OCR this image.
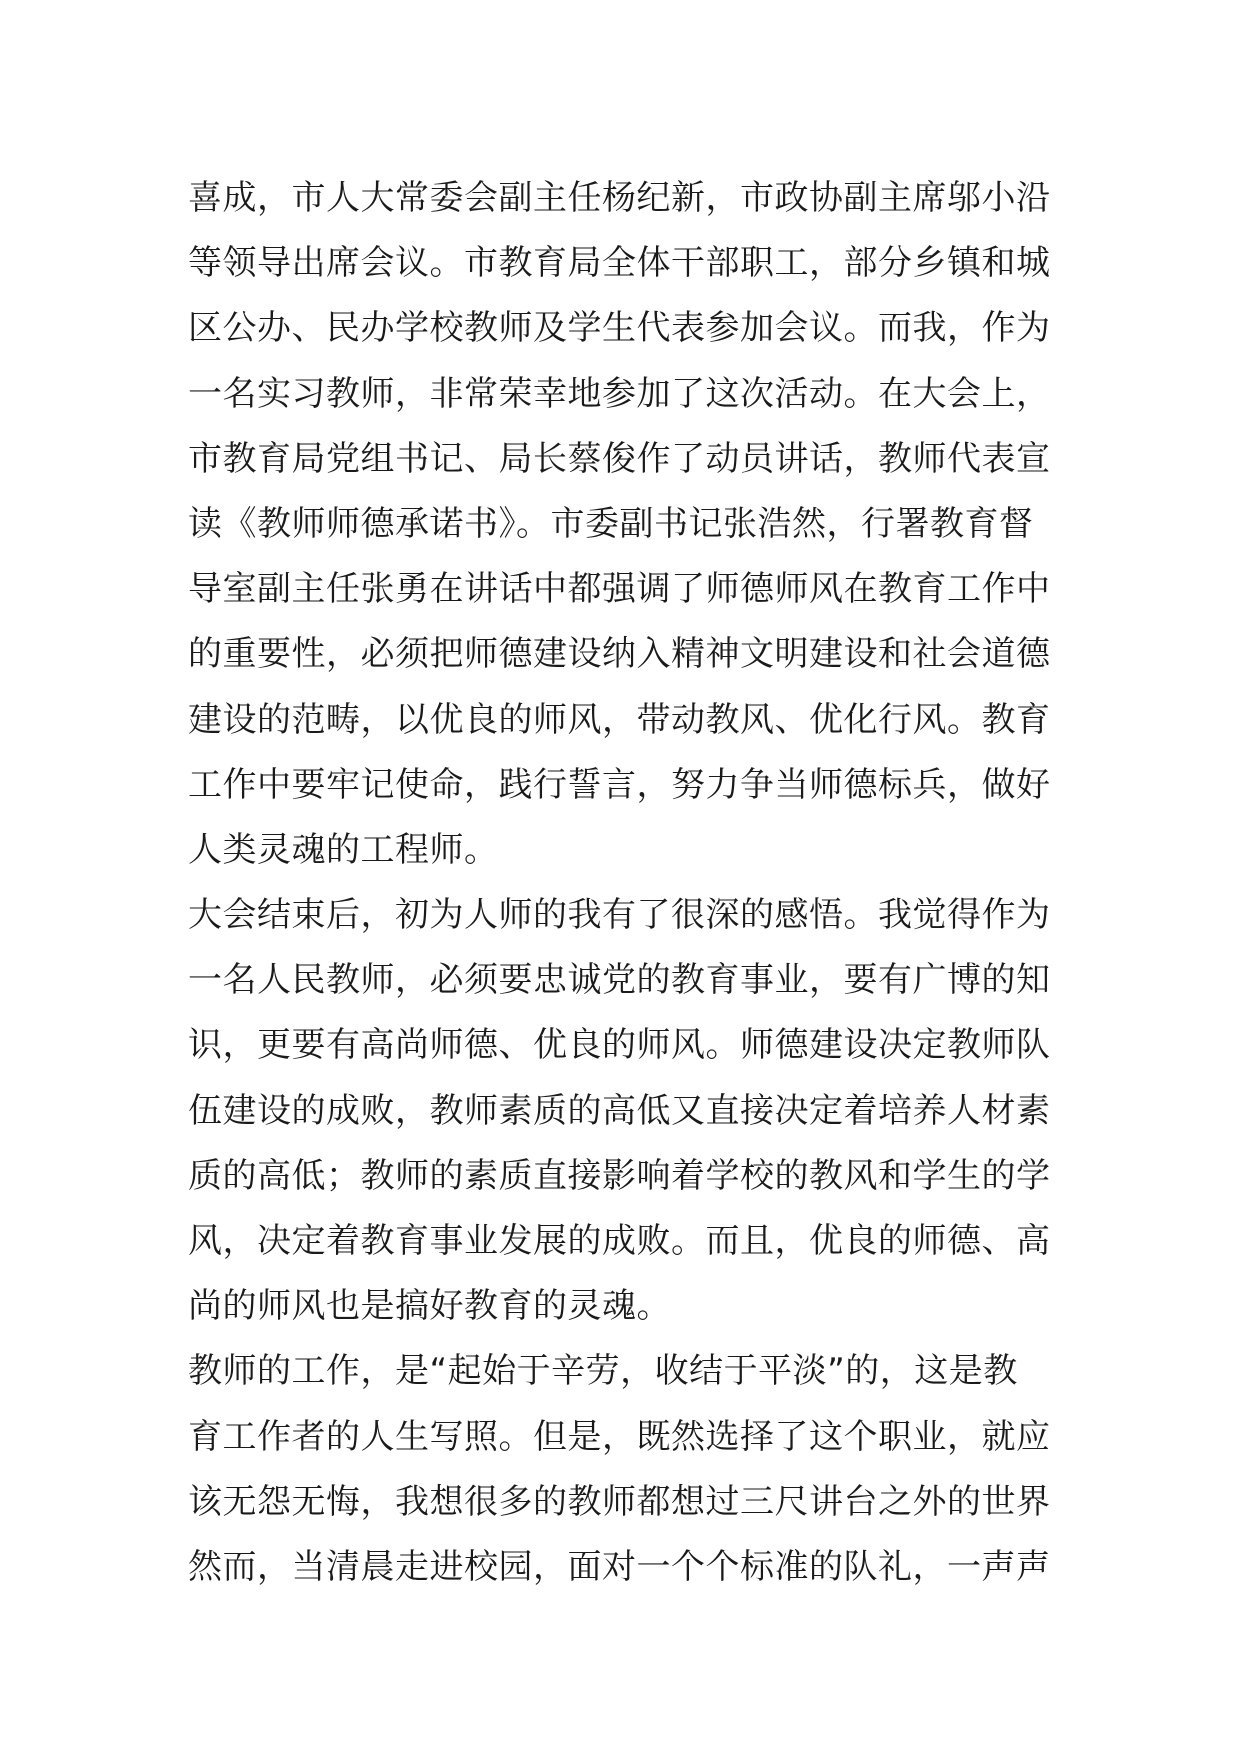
喜成，市人大常委会副主任杨纪新，市政协副主席邬小沿
等领导出席会议。市教育局全体干部职工，部分乡镇和城
区公办、民办学校教师及学生代表参加会议。而我，作为
一名实习教师，非常荣幸地参加了这次活动。在大会上，
市教育局党组书记、局长蔡俊作了动员讲话，教师代表宣
读《教师师德承诺书》。市委副书记张浩然，行署教育督
导室副主任张勇在讲话中都强调了师德师风在教育工作中
的重要性，必须把师德建设纳入精神文明建设和社会道德
建设的范畴，以优良的师风，带动教风、优化行风。教育
工作中要牢记使命，践行誓言，努力争当师德标兵，做好
人类灵魂的工程师。
大会结束后，初为人师的我有了很深的感悟。我觉得作为
一名人民教师，必须要忠诚党的教育事业，要有广博的知
识，更要有高尚师德、优良的师风。师德建设决定教师队
伍建设的成败，教师素质的高低又直接决定着培养人材素
质的高低；教师的素质直接影响着学校的教风和学生的学
风，决定着教育事业发展的成败。而且，优良的师德、高
尚的师风也是搞好教育的灵魂。
教师的工作，是“起始于辛劳，收结于平淡”的，这是教
育工作者的人生写照。但是，既然选择了这个职业，就应
该无怨无悔，我想很多的教师都想过三尺讲台之外的世界
然而，当清晨走进校园，面对一个个标准的队礼，一声声
